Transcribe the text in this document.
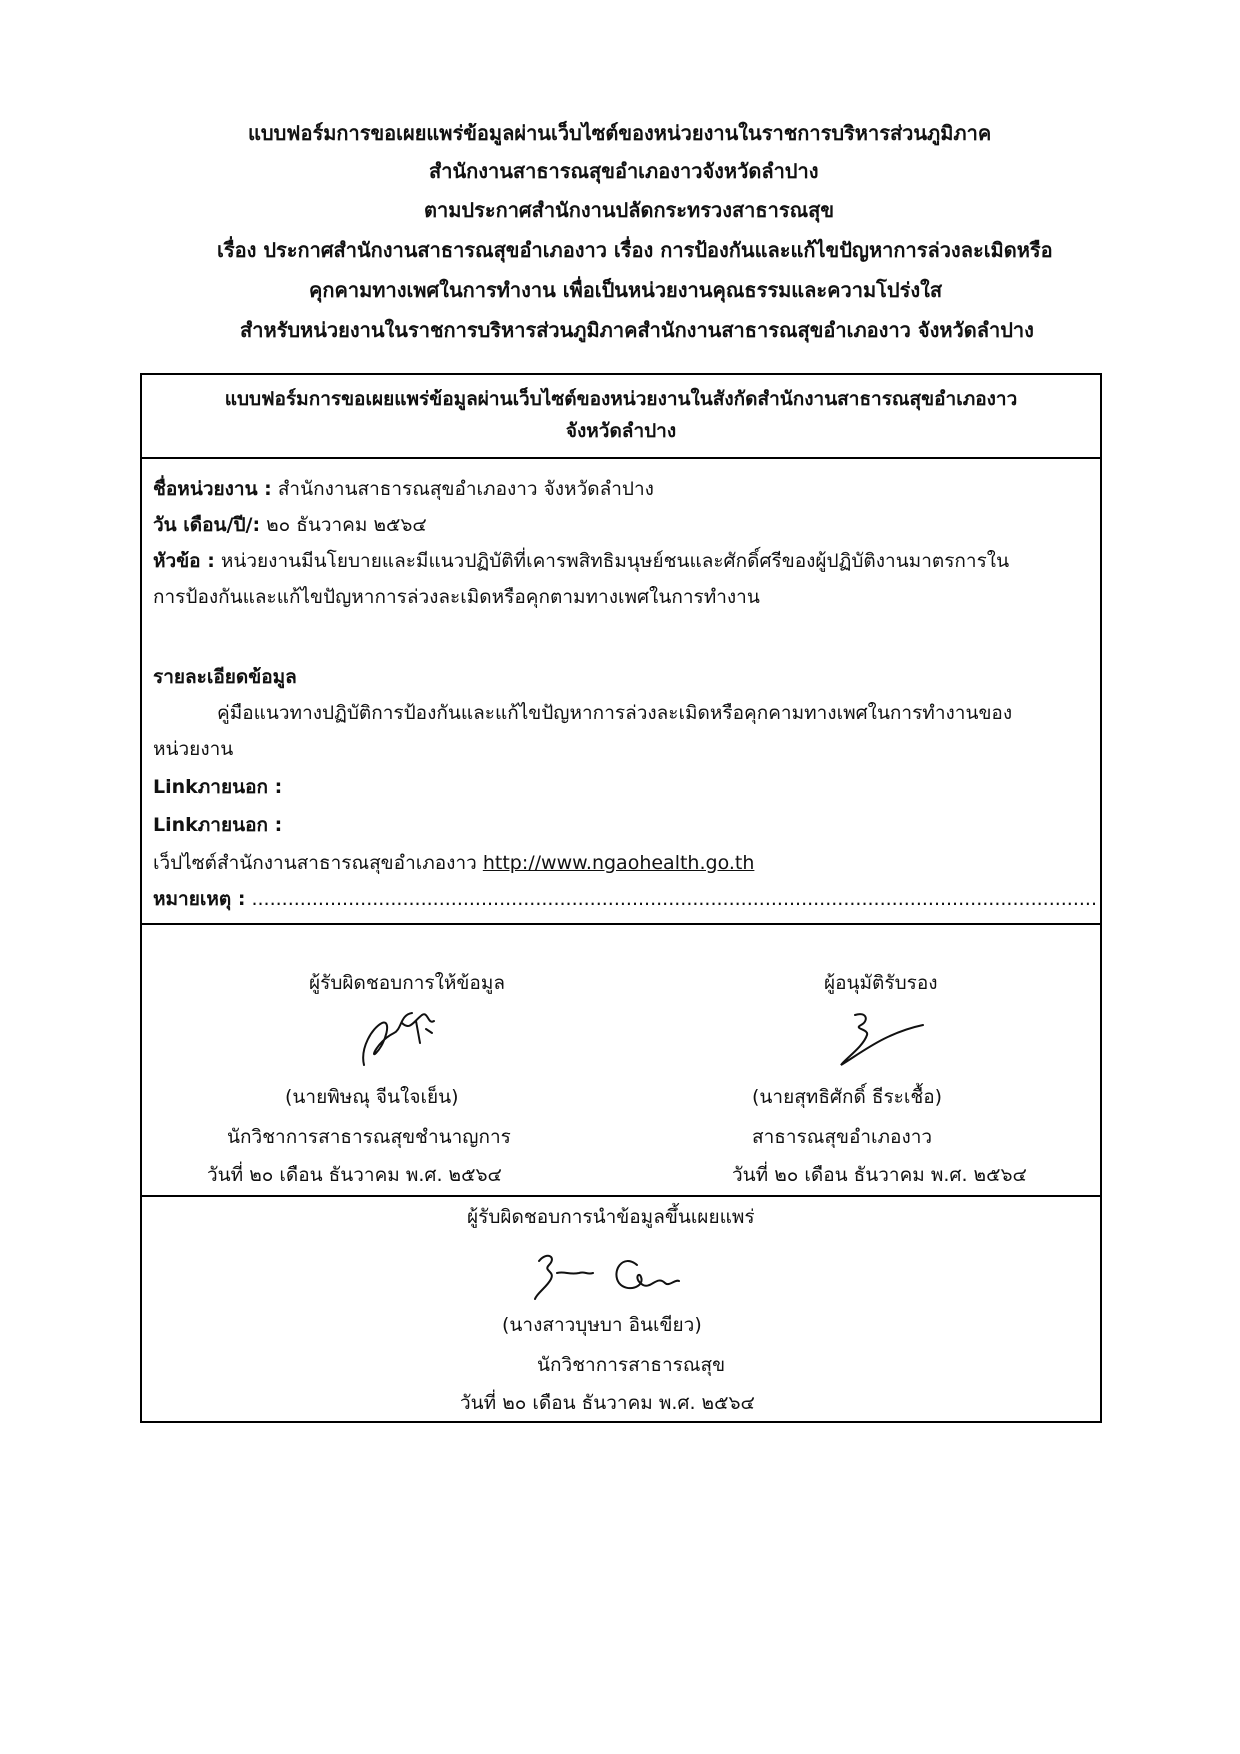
แบบฟอร์มการขอเผยแพร่ข้อมูลผ่านเว็บไซต์ของหน่วยงานในราชการบริหารส่วนภูมิภาค
สำนักงานสาธารณสุขอำเภองาวจังหวัดลำปาง
ตามประกาศสำนักงานปลัดกระทรวงสาธารณสุข
เรื่อง ประกาศสำนักงานสาธารณสุขอำเภองาว เรื่อง การป้องกันและแก้ไขปัญหาการล่วงละเมิดหรือ
คุกคามทางเพศในการทำงาน เพื่อเป็นหน่วยงานคุณธรรมและความโปร่งใส
สำหรับหน่วยงานในราชการบริหารส่วนภูมิภาคสำนักงานสาธารณสุขอำเภองาว จังหวัดลำปาง
แบบฟอร์มการขอเผยแพร่ข้อมูลผ่านเว็บไซต์ของหน่วยงานในสังกัดสำนักงานสาธารณสุขอำเภองาว
จังหวัดลำปาง
ชื่อหน่วยงาน : สำนักงานสาธารณสุขอำเภองาว จังหวัดลำปาง
วัน เดือน/ปี/: ๒๐ ธันวาคม ๒๕๖๔
หัวข้อ : หน่วยงานมีนโยบายและมีแนวปฏิบัติที่เคารพสิทธิมนุษย์ชนและศักดิ์ศรีของผู้ปฏิบัติงานมาตรการใน
การป้องกันและแก้ไขปัญหาการล่วงละเมิดหรือคุกตามทางเพศในการทำงาน
รายละเอียดข้อมูล
คู่มือแนวทางปฏิบัติการป้องกันและแก้ไขปัญหาการล่วงละเมิดหรือคุกคามทางเพศในการทำงานของ
หน่วยงาน
Linkภายนอก :
Linkภายนอก :
เว็ปไซต์สำนักงานสาธารณสุขอำเภองาว http://www.ngaohealth.go.th
หมายเหตุ : ............................................................................................................................................
ผู้รับผิดชอบการให้ข้อมูล
(นายพิษณุ จีนใจเย็น)
นักวิชาการสาธารณสุขชำนาญการ
วันที่ ๒๐ เดือน ธันวาคม พ.ศ. ๒๕๖๔
ผู้อนุมัติรับรอง
(นายสุทธิศักดิ์ ธีระเชื้อ)
สาธารณสุขอำเภองาว
วันที่ ๒๐ เดือน ธันวาคม พ.ศ. ๒๕๖๔
ผู้รับผิดชอบการนำข้อมูลขึ้นเผยแพร่
(นางสาวบุษบา อินเขียว)
นักวิชาการสาธารณสุข
วันที่ ๒๐ เดือน ธันวาคม พ.ศ. ๒๕๖๔
